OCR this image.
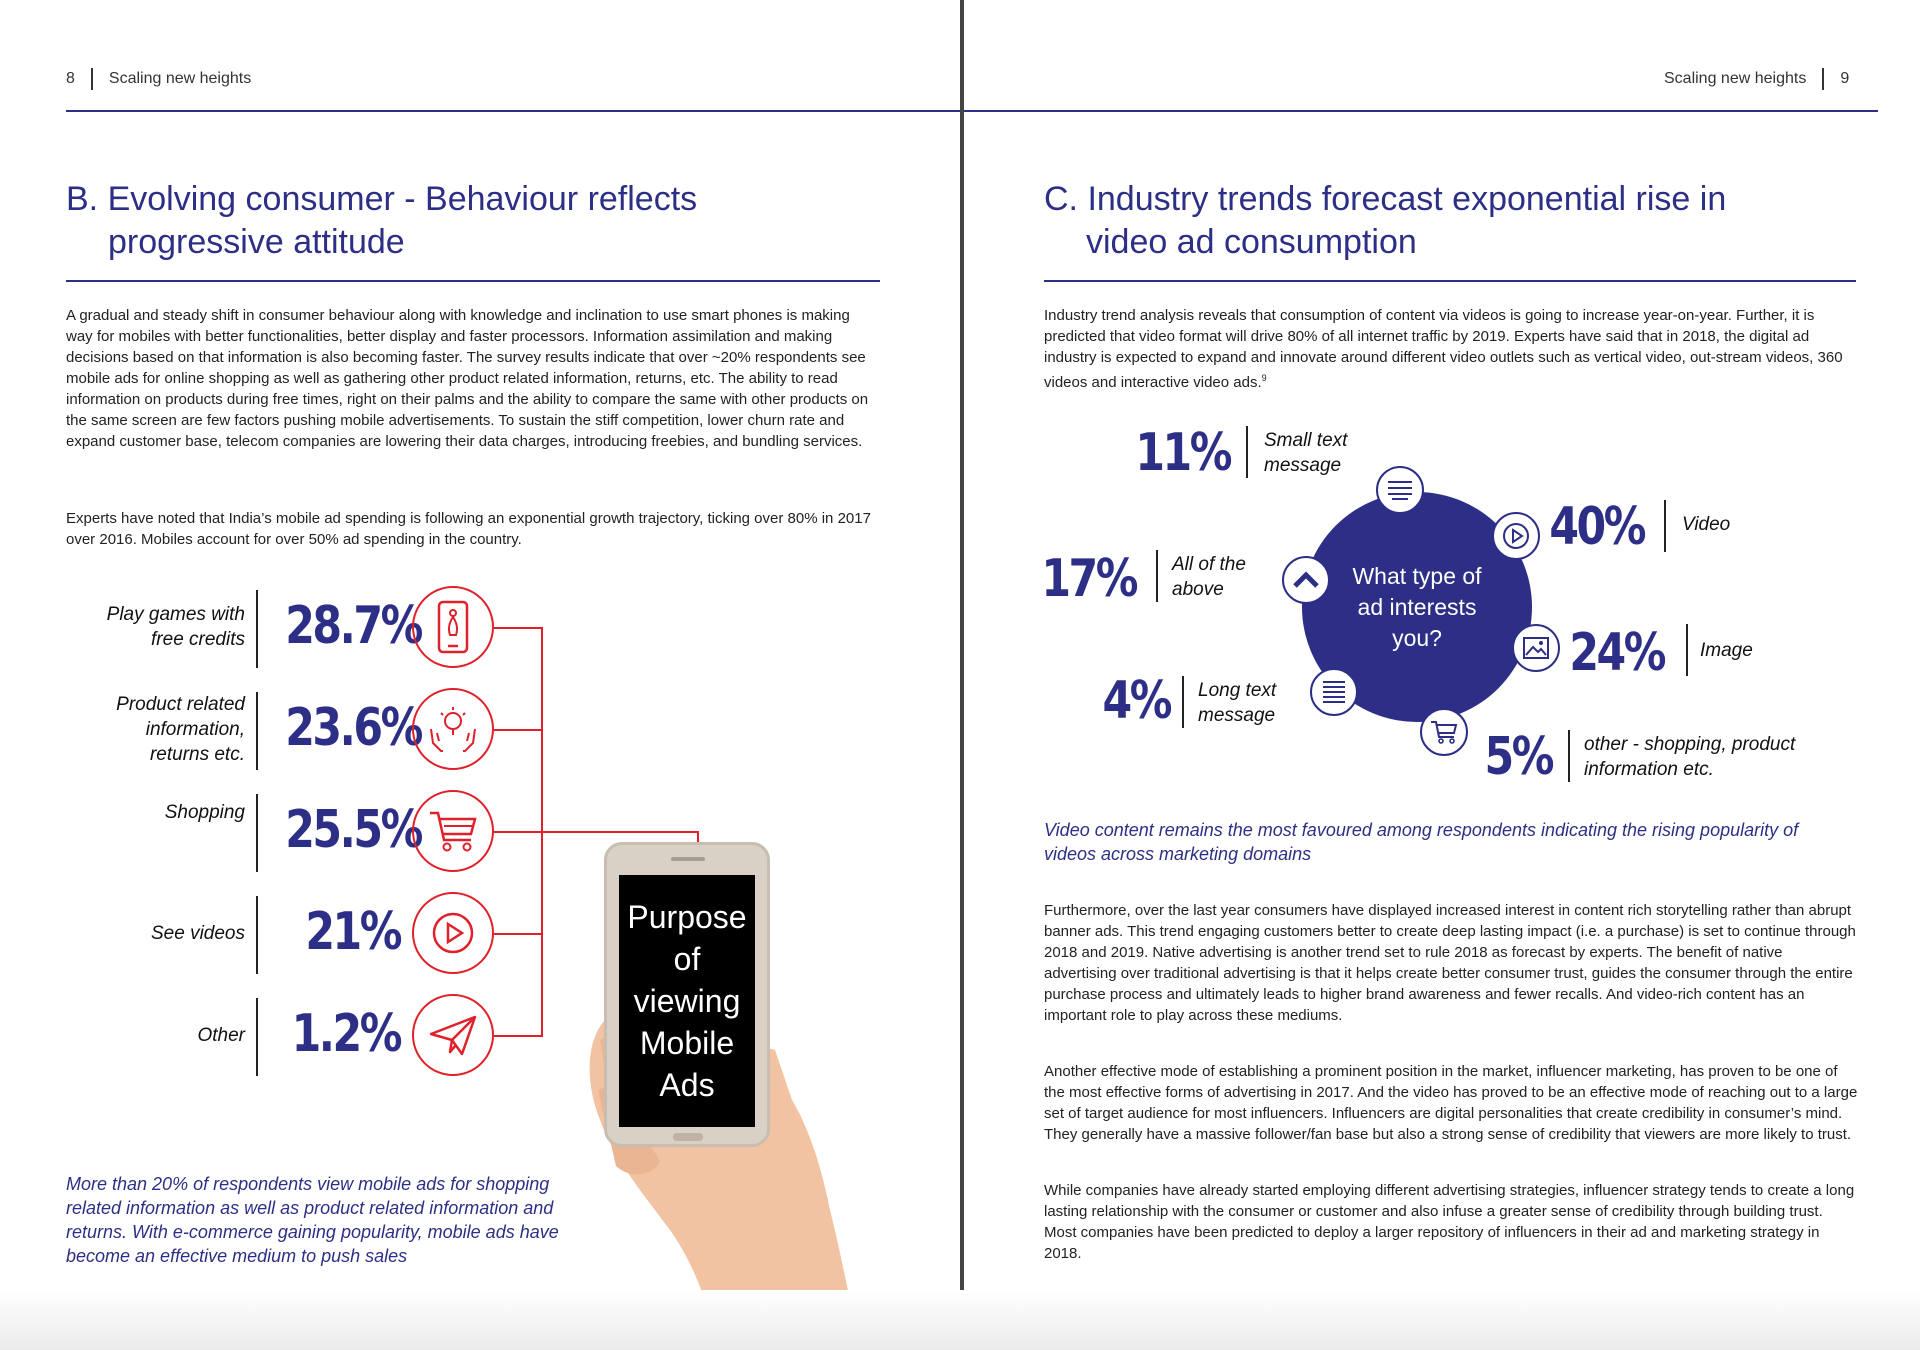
8 Scaling new heights
B. Evolving consumer - Behaviour reflects
progressive attitude

A gradual and steady shift in consumer behaviour along with knowledge and inclination to use smart phones is making way for mobiles with better functionalities, better display and faster processors. Information assimilation and making decisions based on that information is also becoming faster. The survey results indicate that over ~20% respondents see mobile ads for online shopping as well as gathering other product related information, returns, etc. The ability to read information on products during free times, right on their palms and the ability to compare the same with other products on the same screen are few factors pushing mobile advertisements. To sustain the stiff competition, lower churn rate and expand customer base, telecom companies are lowering their data charges, introducing freebies, and bundling services.

Experts have noted that India’s mobile ad spending is following an exponential growth trajectory, ticking over 80% in 2017 over 2016. Mobiles account for over 50% ad spending in the country.

Play games with
free credits 28.7%
Product related
information,
returns etc. 23.6%
Shopping 25.5%
See videos	21%
Other 1.2%
Purpose
of
viewing
Mobile
Ads

More than 20% of respondents view mobile ads for shopping related information as well as product related information and returns. With e-commerce gaining popularity, mobile ads have become an effective medium to push sales

Scaling new heights 9
C. Industry trends forecast exponential rise in
video ad consumption

Industry trend analysis reveals that consumption of content via videos is going to increase year-on-year. Further, it is predicted that video format will drive 80% of all internet traffic by 2019. Experts have said that in 2018, the digital ad industry is expected to expand and innovate around different video outlets such as vertical video, out-stream videos, 360 videos and interactive video ads.$^9$

What type of
ad interests
you?
11% Small text
message
40% Video
17% All of the
above
24% Image
4% Long text
message
5% other - shopping, product
information etc.

Video content remains the most favoured among respondents indicating the rising popularity of videos across marketing domains

Furthermore, over the last year consumers have displayed increased interest in content rich storytelling rather than abrupt banner ads. This trend engaging customers better to create deep lasting impact (i.e. a purchase) is set to continue through 2018 and 2019. Native advertising is another trend set to rule 2018 as forecast by experts. The benefit of native advertising over traditional advertising is that it helps create better consumer trust, guides the consumer through the entire purchase process and ultimately leads to higher brand awareness and fewer recalls. And video-rich content has an important role to play across these mediums.

Another effective mode of establishing a prominent position in the market, influencer marketing, has proven to be one of the most effective forms of advertising in 2017. And the video has proved to be an effective mode of reaching out to a large set of target audience for most influencers. Influencers are digital personalities that create credibility in consumer’s mind. They generally have a massive follower/fan base but also a strong sense of credibility that viewers are more likely to trust.

While companies have already started employing different advertising strategies, influencer strategy tends to create a long lasting relationship with the consumer or customer and also infuse a greater sense of credibility through building trust. Most companies have been predicted to deploy a larger repository of influencers in their ad and marketing strategy in 2018.
